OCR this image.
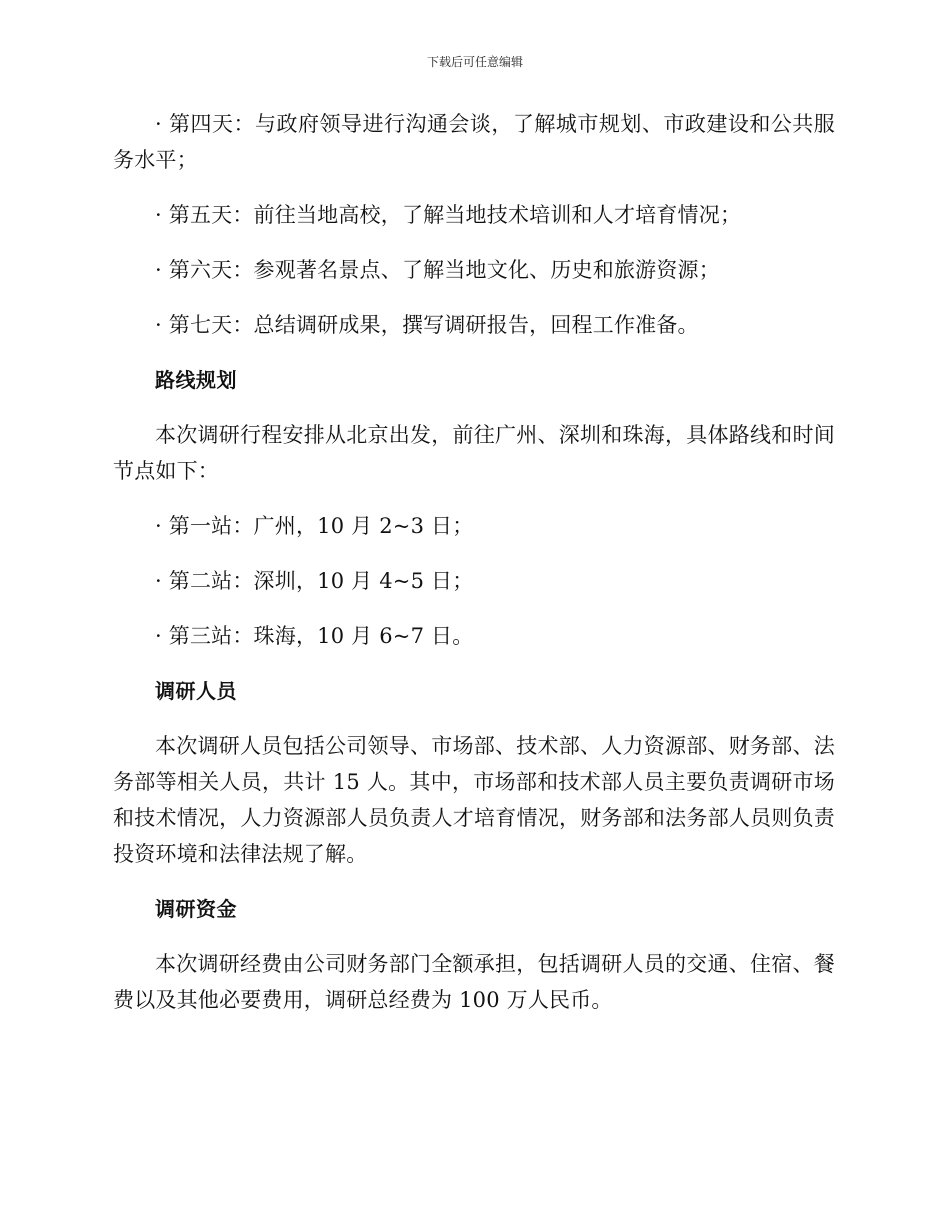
下载后可任意编辑

· 第四天：与政府领导进行沟通会谈，了解城市规划、市政建设和公共服务水平；

· 第五天：前往当地高校，了解当地技术培训和人才培育情况；

· 第六天：参观著名景点、了解当地文化、历史和旅游资源；

· 第七天：总结调研成果，撰写调研报告，回程工作准备。

路线规划

本次调研行程安排从北京出发，前往广州、深圳和珠海，具体路线和时间节点如下：

· 第一站：广州，10 月 2~3 日；

· 第二站：深圳，10 月 4~5 日；

· 第三站：珠海，10 月 6~7 日。

调研人员

本次调研人员包括公司领导、市场部、技术部、人力资源部、财务部、法务部等相关人员，共计 15 人。其中，市场部和技术部人员主要负责调研市场和技术情况，人力资源部人员负责人才培育情况，财务部和法务部人员则负责投资环境和法律法规了解。

调研资金

本次调研经费由公司财务部门全额承担，包括调研人员的交通、住宿、餐费以及其他必要费用，调研总经费为 100 万人民币。
